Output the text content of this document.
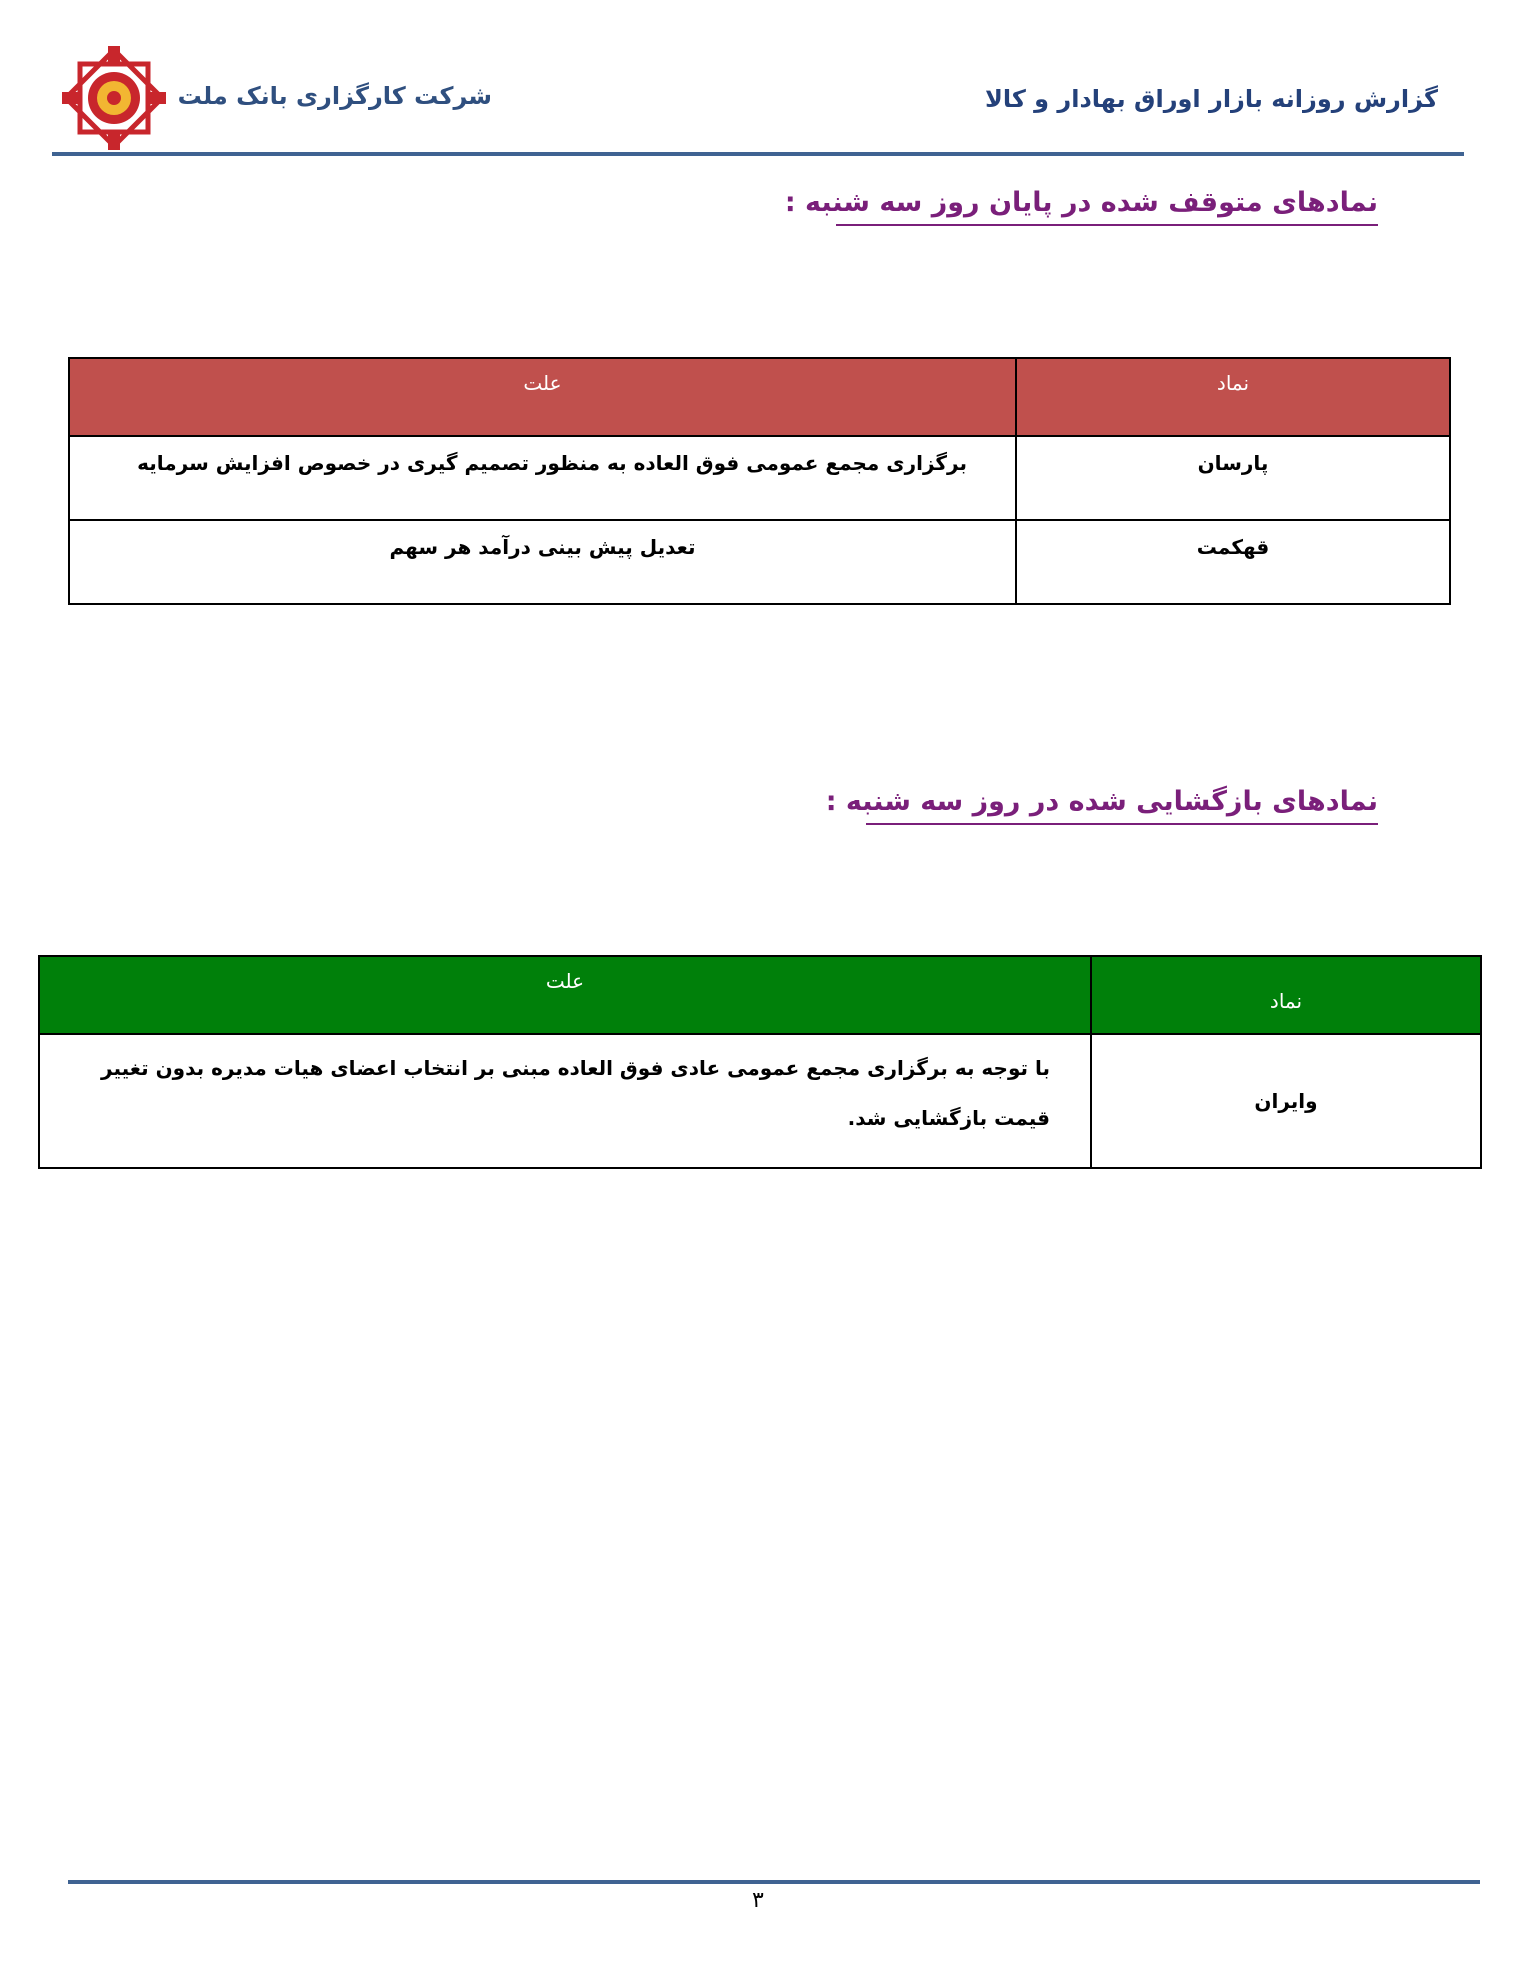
شرکت کارگزاری بانک ملت	گزارش روزانه بازار اوراق بهادار و کالا
نمادهای متوقف شده در پایان روز سه شنبه :
نماد	علت
پارسان	برگزاری مجمع عمومی فوق العاده به منظور تصمیم گیری در خصوص افزایش سرمایه
قهکمت	تعدیل پیش بینی درآمد هر سهم
نمادهای بازگشایی شده در روز سه شنبه :
نماد	علت
وایران	با توجه به برگزاری مجمع عمومی عادی فوق العاده مبنی بر انتخاب اعضای هیات مدیره بدون تغییر قیمت بازگشایی شد.
۳
